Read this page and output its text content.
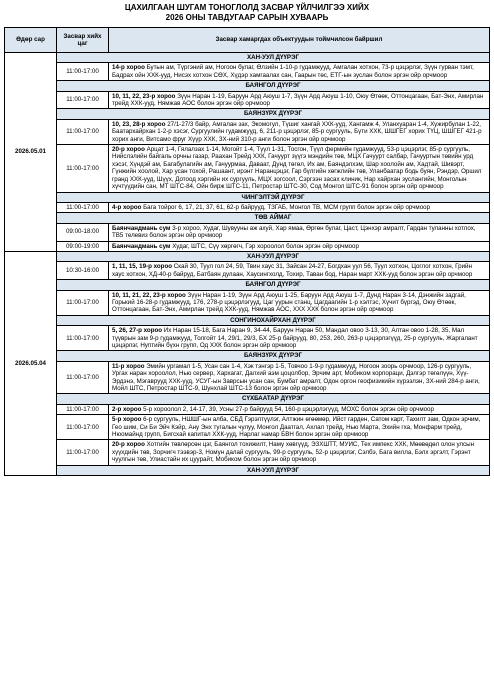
ЦАХИЛГААН ШУГАМ ТОНОГЛОЛД ЗАСВАР ҮЙЛЧИЛГЭЭ ХИЙХ
2026 ОНЫ ТАВДУГААР САРЫН ХУВААРЬ
Өдөр сар	Засвар хийх цаг	Засвар хамаргдах объектуудын тоймчилсон байршил
2026.05.01	ХАН-УУЛ ДҮҮРЭГ	
	11:00-17:00	14-р хороо Бутын ам, Түргэний ам, Ногоон булаг, Өлзийн 1-10-р гудамжууд, Амгалан хотхон, 73-р цэцэрлэг, Зүүн гурван тэмт, Бадрах ойн ХХК-ууд, Нисэх хотхон СӨХ, Хүдэр хамгаалах сан, Гаарын төс, ЕТГ-ын зуслан болон эргэн ойр орчмоор
	БАЯНГОЛ ДҮҮРЭГ	
	11:00-17:00	10, 11, 22, 23-р хороо Зүүн Наран 1-19, Баруун Ард Аюуш 1-7, Зүүн Ард Аюуш 1-10, Оюу Өтөөк, Оттонцагаан, Бат-Энх, Амирлан трейд ХХК-ууд, Нямжав АОС болон эргэн ойр орчмоор
	БАЯНЗҮРХ ДҮҮРЭГ	
	11:00-17:00	10, 23, 28-р хороо 27/1-27/3 байр, Амгалан зах, Экомогул, Түшиг хангай ХХК-ууд, Хангамж 4, Уланхуаран 1-4, Хужирбулан 1-22, Баатархайрхан 1-2-р хэсэг, Сургуулийн гудамжууд, 6, 211-р цэцэрлэг, 85-р сургууль, Бүти ХХК, ШШГЕГ хорих ТҮЦ, ШШГЕГ 421-р хорих анги, Витсамо фруг Хүүр ХХК, ЗХ-ний 310-р анги болон эргэн ойр орчмоор
	11:00-17:00	20-р хороо Арцат 1-4, Гялалзах 1-14, Могойт 1-4, Түүл 1-31, Тосгон, Түүл фермийн гудамжууд, 53-р цэцэрлэг, 85-р сургууль, Нийслэлийн байгаль орчны газар, Раахан Трейд ХХК, Гачуурт зүүгэ мэндийн төв, МЦХ Гачуурт салбар, Гачууртын төвийн урд хэсэг, Хүндэй ам, Багабулагийн ам, Гачуурмаа, Даваат, Дунд төгөл, Их ам, Баяндэлхэм, Шар хоолойн ам, Хадтай, Шивэрт, Гүнжийн хоолой, Хар усан тохой, Рашаант, ирэнт Наранцэцэг, Гар бүлгийн хөгжлийн төв, Уланбаатар бодь буян, Рэндэр, Оршил гранд ХХК-ууд, Шүүх, Дотоод хэргийн их сургууль, МЦХ зогсоол, Сэргээн засах клиник, Нар хайрхан зуслангийн, Монголын хүчтүүдийн сан, МТ ШТС-84, Ойн бирж ШТС-11, Петростар ШТС-30, Сод Монгол ШТС-91 болон эргэн ойр орчмоор
	ЧИНГЭЛТЭЙ ДҮҮРЭГ	
	11:00-17:00	4-р хороо Бага тойрог 6, 17, 21, 37, 61, 62-р байрууд, ТЗГАБ, Монгол ТВ, МСМ групп болон эргэн ойр орчмоор
	ТӨВ АЙМАГ	
	09:00-18:00	Баянчандмань сум 3-р хороо, Худаг, Шувууны аж ахуй, Хар ямаа, Өргөн булаг, Цаст, Цэнхэр амралт, Гардан туланны хотлох, ТВ5 телевиз болон эргэн ойр орчмоор
	09:00-19:00	Баянчандмань сум Худаг, ШТС, Сүү хөргөгч, Гэр хороолол болон эргэн ойр орчмоор
2026.05.04	ХАН-УУЛ ДҮҮРЭГ	
	10:30-16:00	1, 11, 15, 19-р хороо Скай 30, Туул гол 24, 59, Твин хаус 31, Зайсан 24-27, Богдхан уул 56, Туул хотхон, Цоглог хотхон, Грийн хаус хотхон, ХД-40-р байруд, Батбаян дулаан, Хаусингхолд, Тохир, Таван бод, Наран март ХХК-ууд болон эргэн ойр орчмоор
	БАЯНГОЛ ДҮҮРЭГ	
	11:00-17:00	10, 11, 21, 22, 23-р хороо Зүүн Наран 1-19, Зүүн Ард Аюуш 1-25, Баруун Ард Аюуш 1-7, Дунд Наран 3-14, Дэнжийн задгай, Горький 16-28-р гудамжууд, 176, 278-р цэцэрлэгууд, Цаг уурын станц, Цагдаагийн 1-р хэлтэс, Хүчит бүргэд, Оюу Өтөөк, Оттонцагаан, Бат-Энх, Амирлан трейд ХХК-ууд, Нямжав АОС, ХХХ ХХК болон эргэн ойр орчмоор
	СОНГИНОХАЙРХАН ДҮҮРЭГ	
	11:00-17:00	5, 26, 27-р хороо Их Наран 15-18, Бага Наран 9, 34-44, Баруун Наран 50, Мандал овоо 3-13, 30, Алтан овоо 1-28, 35, Мал түүврын зам 9-р гудамжууд, Толгойт 14, 29/1, 29/3, БХ 25-р байрууд, 80, 253, 260, 263-р цэцэрлэгүүд, 25-р сургууль, Жаргалант цэцэрлэг, Нуптийн бүхн групп, Од ХХК болон эргэн ойр орчмоор
	БАЯНЗҮРХ ДҮҮРЭГ	
	11:00-17:00	11-р хороо Эмийн ургамал 1-5, Усан сан 1-4, Хэк тэнгэр 1-5, Товчоо 1-9-р гудамжууд, Ногоон зоорь орчмоор, 126-р сургууль, Ургах наран хороолол, Нью сервер, Хархагат, Далхий аэм цоцолбор, Эрчим арт, Мобиком корпораци, Дэлгэр төгөлүүн, Хүү-Эрдэнэ, Мэгаврууд ХХК-ууд, УСУГ-ын Заврсын усан сан, Бумбат амралт, Одон оргон геофизикийн хүрээлэн, ЗХ-ний 284-р анги, Мойл ШТС, Петростар ШТС-9, Шунхлай ШТС-13 болон эргэн ойр орчмоор
	СҮХБААТАР ДҮҮРЭГ	
	11:00-17:00	2-р хороо 5-р хороолол 2, 14-17, 39, Усны 27-р байрууд 54, 160-р цэцэрлэгүүд, МОХС болон эргэн ойр орчмоор
	11:00-17:00	5-р хороо 6-р сургууль, НШШГ-ын алба, СБД Гэрэлтүүлэг, Алтжин өгөөмөр, Ийст гарден, Сатом карт, Тахилт зам, Одкон эрчим, Гео шим, Си Би Эйч Кэйр, Ану Энх тугалын чулуу, Монгол Даатгал, Ахлал трейд, Нью Марта, Эхийн гха, Монфарм трейд, Нюомайнд групп, Бигсхай капитал ХХК-ууд, Нарлаг намар БВН болон эргэн ойр орчмоор
	11:00-17:00	20-р хороо Хотгийн төвлөрсөн цэг, Баянгол тохижилт, Наму хөвгүүд, ЭЗХШТТ, МУИС, Тех импекс ХХК, Мөөвөдөл олон улсын хүүхдийн төв, Зорчигч тээвэр-3, Номун далай сургууль, 99-р сургууль, 52-р цэцэрлэг, Сэлбэ, Бага вилла, Бэлх эргэлт, Гэрэнт чуулгын төв, Улиастайн их цуурайт, Мобиком болон эргэн ойр орчмоор
	ХАН-УУЛ ДҮҮРЭГ	
